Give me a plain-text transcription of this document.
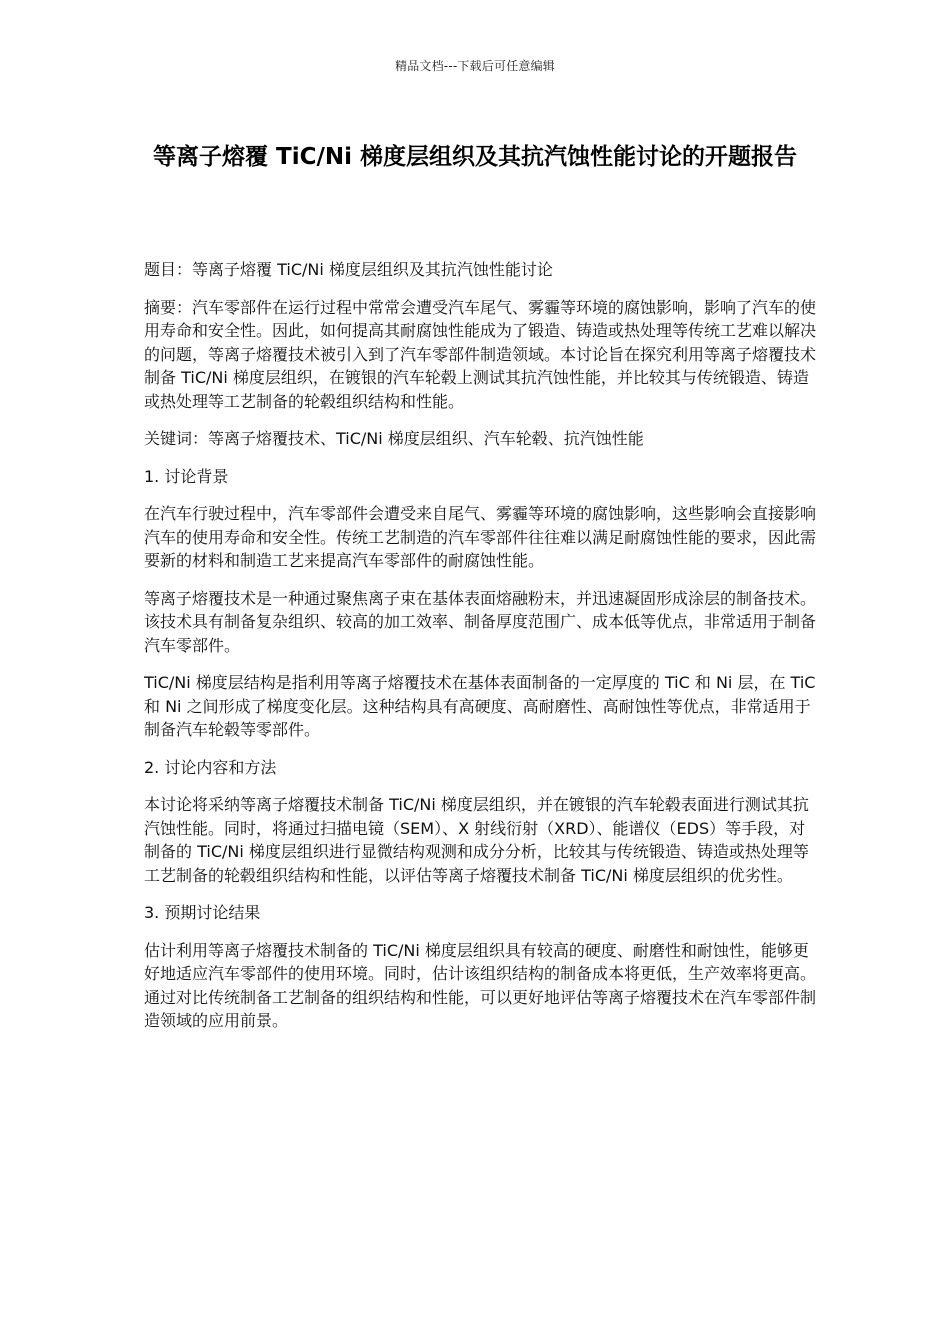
精品文档---下载后可任意编辑
等离子熔覆 TiC/Ni 梯度层组织及其抗汽蚀性能讨论的开题报告

题目：等离子熔覆 TiC/Ni 梯度层组织及其抗汽蚀性能讨论

摘要：汽车零部件在运行过程中常常会遭受汽车尾气、雾霾等环境的腐蚀影响，影响了汽车的使用寿命和安全性。因此，如何提高其耐腐蚀性能成为了锻造、铸造或热处理等传统工艺难以解决的问题，等离子熔覆技术被引入到了汽车零部件制造领域。本讨论旨在探究利用等离子熔覆技术制备 TiC/Ni 梯度层组织，在镀银的汽车轮毂上测试其抗汽蚀性能，并比较其与传统锻造、铸造或热处理等工艺制备的轮毂组织结构和性能。

关键词：等离子熔覆技术、TiC/Ni 梯度层组织、汽车轮毂、抗汽蚀性能

1. 讨论背景

在汽车行驶过程中，汽车零部件会遭受来自尾气、雾霾等环境的腐蚀影响，这些影响会直接影响汽车的使用寿命和安全性。传统工艺制造的汽车零部件往往难以满足耐腐蚀性能的要求，因此需要新的材料和制造工艺来提高汽车零部件的耐腐蚀性能。

等离子熔覆技术是一种通过聚焦离子束在基体表面熔融粉末，并迅速凝固形成涂层的制备技术。该技术具有制备复杂组织、较高的加工效率、制备厚度范围广、成本低等优点，非常适用于制备汽车零部件。

TiC/Ni 梯度层结构是指利用等离子熔覆技术在基体表面制备的一定厚度的 TiC 和 Ni 层，在 TiC 和 Ni 之间形成了梯度变化层。这种结构具有高硬度、高耐磨性、高耐蚀性等优点，非常适用于制备汽车轮毂等零部件。

2. 讨论内容和方法

本讨论将采纳等离子熔覆技术制备 TiC/Ni 梯度层组织，并在镀银的汽车轮毂表面进行测试其抗汽蚀性能。同时，将通过扫描电镜（SEM）、X 射线衍射（XRD）、能谱仪（EDS）等手段，对制备的 TiC/Ni 梯度层组织进行显微结构观测和成分分析，比较其与传统锻造、铸造或热处理等工艺制备的轮毂组织结构和性能，以评估等离子熔覆技术制备 TiC/Ni 梯度层组织的优劣性。

3. 预期讨论结果

估计利用等离子熔覆技术制备的 TiC/Ni 梯度层组织具有较高的硬度、耐磨性和耐蚀性，能够更好地适应汽车零部件的使用环境。同时，估计该组织结构的制备成本将更低，生产效率将更高。通过对比传统制备工艺制备的组织结构和性能，可以更好地评估等离子熔覆技术在汽车零部件制造领域的应用前景。
